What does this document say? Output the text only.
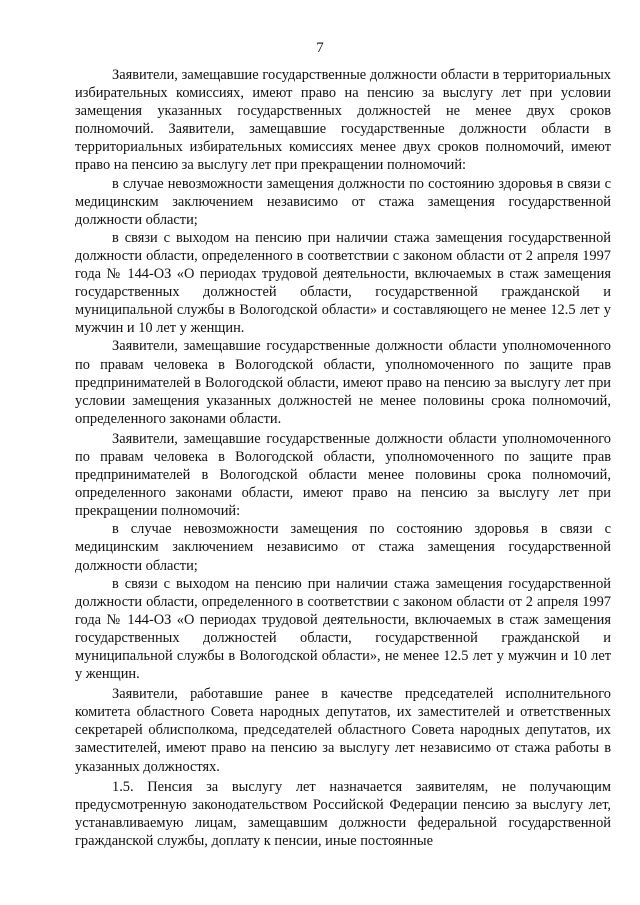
7

Заявители, замещавшие государственные должности области в территориальных избирательных комиссиях, имеют право на пенсию за выслугу лет при условии замещения указанных государственных должностей не менее двух сроков полномочий. Заявители, замещавшие государственные должности области в территориальных избирательных комиссиях менее двух сроков полномочий, имеют право на пенсию за выслугу лет при прекращении полномочий:

в случае невозможности замещения должности по состоянию здоровья в связи с медицинским заключением независимо от стажа замещения государственной должности области;

в связи с выходом на пенсию при наличии стажа замещения государственной должности области, определенного в соответствии с законом области от 2 апреля 1997 года № 144-ОЗ «О периодах трудовой деятельности, включаемых в стаж замещения государственных должностей области, государственной гражданской и муниципальной службы в Вологодской области» и составляющего не менее 12.5 лет у мужчин и 10 лет у женщин.

Заявители, замещавшие государственные должности области уполномоченного по правам человека в Вологодской области, уполномоченного по защите прав предпринимателей в Вологодской области, имеют право на пенсию за выслугу лет при условии замещения указанных должностей не менее половины срока полномочий, определенного законами области.

Заявители, замещавшие государственные должности области уполномоченного по правам человека в Вологодской области, уполномоченного по защите прав предпринимателей в Вологодской области менее половины срока полномочий, определенного законами области, имеют право на пенсию за выслугу лет при прекращении полномочий:

в случае невозможности замещения по состоянию здоровья в связи с медицинским заключением независимо от стажа замещения государственной должности области;

в связи с выходом на пенсию при наличии стажа замещения государственной должности области, определенного в соответствии с законом области от 2 апреля 1997 года № 144-ОЗ «О периодах трудовой деятельности, включаемых в стаж замещения государственных должностей области, государственной гражданской и муниципальной службы в Вологодской области», не менее 12.5 лет у мужчин и 10 лет у женщин.

Заявители, работавшие ранее в качестве председателей исполнительного комитета областного Совета народных депутатов, их заместителей и ответственных секретарей облисполкома, председателей областного Совета народных депутатов, их заместителей, имеют право на пенсию за выслугу лет независимо от стажа работы в указанных должностях.

1.5. Пенсия за выслугу лет назначается заявителям, не получающим предусмотренную законодательством Российской Федерации пенсию за выслугу лет, устанавливаемую лицам, замещавшим должности федеральной государственной гражданской службы, доплату к пенсии, иные постоянные
